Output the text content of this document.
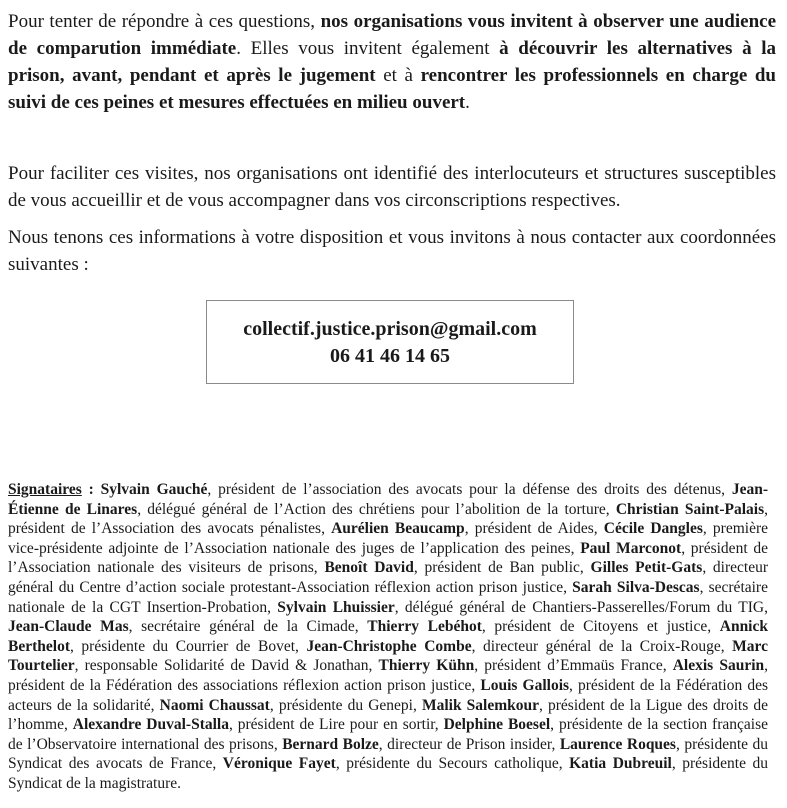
Pour tenter de répondre à ces questions, nos organisations vous invitent à observer une audience de comparution immédiate. Elles vous invitent également à découvrir les alternatives à la prison, avant, pendant et après le jugement et à rencontrer les professionnels en charge du suivi de ces peines et mesures effectuées en milieu ouvert.

Pour faciliter ces visites, nos organisations ont identifié des interlocuteurs et structures susceptibles de vous accueillir et de vous accompagner dans vos circonscriptions respectives.

Nous tenons ces informations à votre disposition et vous invitons à nous contacter aux coordonnées suivantes :

collectif.justice.prison@gmail.com
06 41 46 14 65

Signataires : Sylvain Gauché, président de l’association des avocats pour la défense des droits des détenus, Jean-Étienne de Linares, délégué général de l’Action des chrétiens pour l’abolition de la torture, Christian Saint-Palais, président de l’Association des avocats pénalistes, Aurélien Beaucamp, président de Aides, Cécile Dangles, première vice-présidente adjointe de l’Association nationale des juges de l’application des peines, Paul Marconot, président de l’Association nationale des visiteurs de prisons, Benoît David, président de Ban public, Gilles Petit-Gats, directeur général du Centre d’action sociale protestant-Association réflexion action prison justice, Sarah Silva-Descas, secrétaire nationale de la CGT Insertion-Probation, Sylvain Lhuissier, délégué général de Chantiers-Passerelles/Forum du TIG, Jean-Claude Mas, secrétaire général de la Cimade, Thierry Lebéhot, président de Citoyens et justice, Annick Berthelot, présidente du Courrier de Bovet, Jean-Christophe Combe, directeur général de la Croix-Rouge, Marc Tourtelier, responsable Solidarité de David & Jonathan, Thierry Kühn, président d’Emmaüs France, Alexis Saurin, président de la Fédération des associations réflexion action prison justice, Louis Gallois, président de la Fédération des acteurs de la solidarité, Naomi Chaussat, présidente du Genepi, Malik Salemkour, président de la Ligue des droits de l’homme, Alexandre Duval-Stalla, président de Lire pour en sortir, Delphine Boesel, présidente de la section française de l’Observatoire international des prisons, Bernard Bolze, directeur de Prison insider, Laurence Roques, présidente du Syndicat des avocats de France, Véronique Fayet, présidente du Secours catholique, Katia Dubreuil, présidente du Syndicat de la magistrature.
